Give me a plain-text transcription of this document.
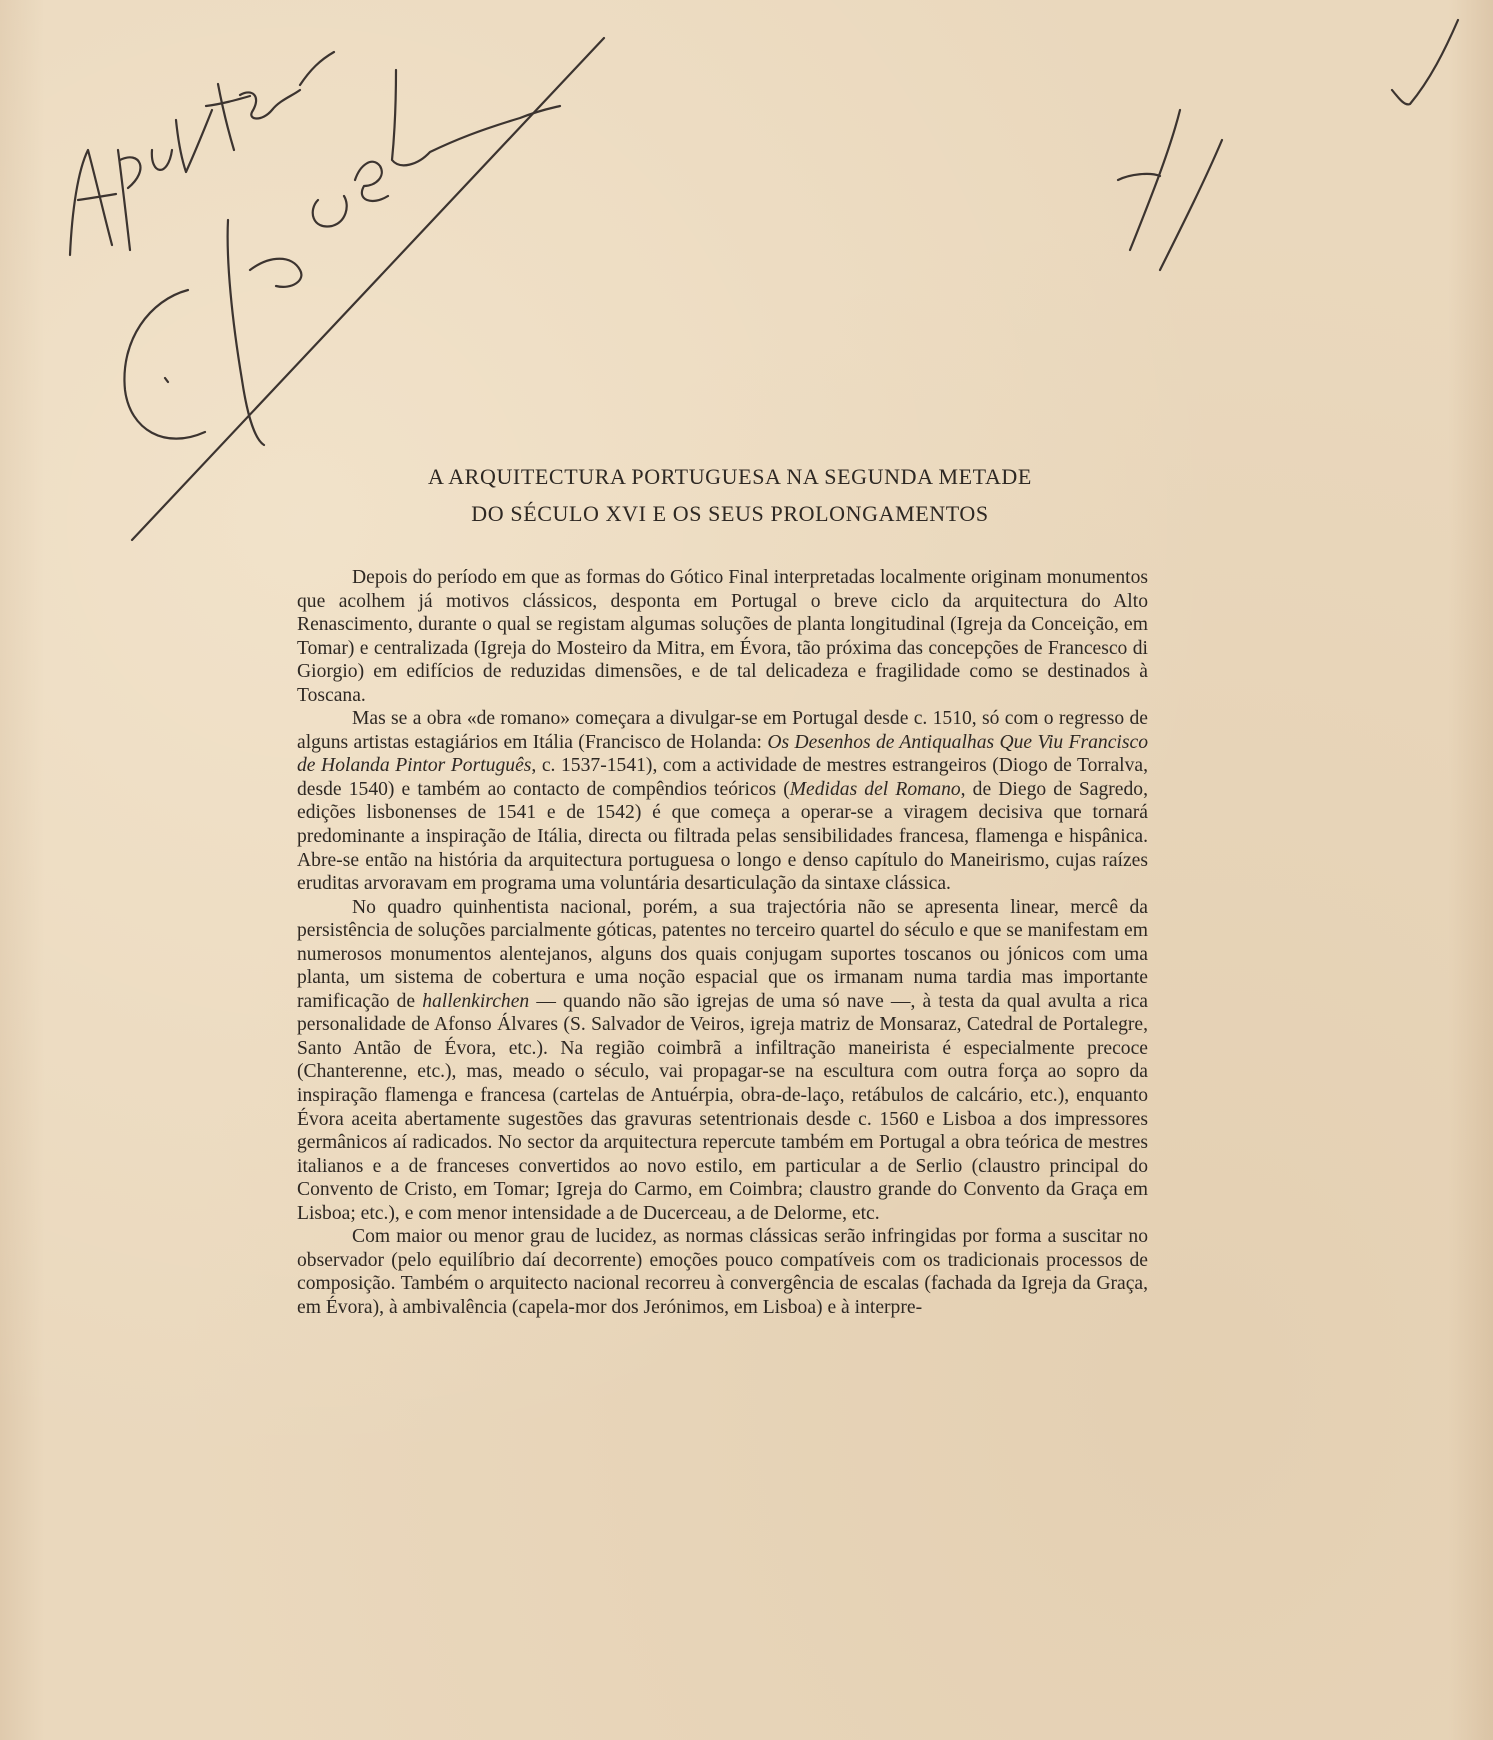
A ARQUITECTURA PORTUGUESA NA SEGUNDA METADE
DO SÉCULO XVI E OS SEUS PROLONGAMENTOS

Depois do período em que as formas do Gótico Final interpretadas localmente originam monumentos que acolhem já motivos clássicos, desponta em Portugal o breve ciclo da arquitectura do Alto Renascimento, durante o qual se registam algumas soluções de planta longitudinal (Igreja da Conceição, em Tomar) e centralizada (Igreja do Mosteiro da Mitra, em Évora, tão próxima das concepções de Francesco di Giorgio) em edifícios de reduzidas dimensões, e de tal delicadeza e fragilidade como se destinados à Toscana.

Mas se a obra «de romano» começara a divulgar-se em Portugal desde c. 1510, só com o regresso de alguns artistas estagiários em Itália (Francisco de Holanda: Os Desenhos de Antiqualhas Que Viu Francisco de Holanda Pintor Português, c. 1537-1541), com a actividade de mestres estrangeiros (Diogo de Torralva, desde 1540) e também ao contacto de compêndios teóricos (Medidas del Romano, de Diego de Sagredo, edições lisbonenses de 1541 e de 1542) é que começa a operar-se a viragem decisiva que tornará predominante a inspiração de Itália, directa ou filtrada pelas sensibilidades francesa, flamenga e hispânica. Abre-se então na história da arquitectura portuguesa o longo e denso capítulo do Maneirismo, cujas raízes eruditas arvoravam em programa uma voluntária desarticulação da sintaxe clássica.

No quadro quinhentista nacional, porém, a sua trajectória não se apresenta linear, mercê da persistência de soluções parcialmente góticas, patentes no terceiro quartel do século e que se manifestam em numerosos monumentos alentejanos, alguns dos quais conjugam suportes toscanos ou jónicos com uma planta, um sistema de cobertura e uma noção espacial que os irmanam numa tardia mas importante ramificação de hallenkirchen — quando não são igrejas de uma só nave —, à testa da qual avulta a rica personalidade de Afonso Álvares (S. Salvador de Veiros, igreja matriz de Monsaraz, Catedral de Portalegre, Santo Antão de Évora, etc.). Na região coimbrã a infiltração maneirista é especialmente precoce (Chanterenne, etc.), mas, meado o século, vai propagar-se na escultura com outra força ao sopro da inspiração flamenga e francesa (cartelas de Antuérpia, obra-de-laço, retábulos de calcário, etc.), enquanto Évora aceita abertamente sugestões das gravuras setentrionais desde c. 1560 e Lisboa a dos impressores germânicos aí radicados. No sector da arquitectura repercute também em Portugal a obra teórica de mestres italianos e a de franceses convertidos ao novo estilo, em particular a de Serlio (claustro principal do Convento de Cristo, em Tomar; Igreja do Carmo, em Coimbra; claustro grande do Convento da Graça em Lisboa; etc.), e com menor intensidade a de Ducerceau, a de Delorme, etc.

Com maior ou menor grau de lucidez, as normas clássicas serão infringidas por forma a suscitar no observador (pelo equilíbrio daí decorrente) emoções pouco compatíveis com os tradicionais processos de composição. Também o arquitecto nacional recorreu à convergência de escalas (fachada da Igreja da Graça, em Évora), à ambivalência (capela-mor dos Jerónimos, em Lisboa) e à interpre-
